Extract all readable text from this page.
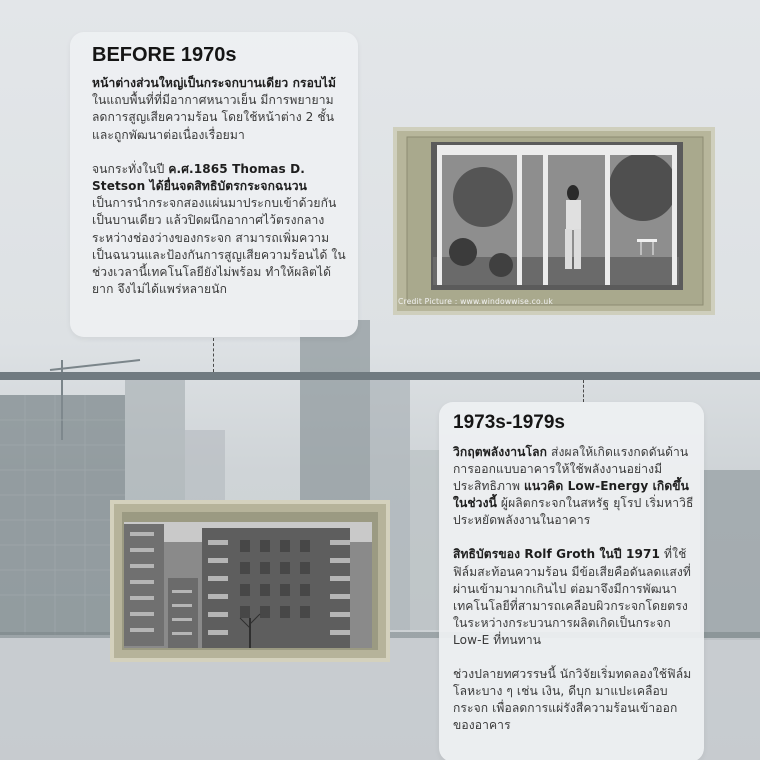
BEFORE 1970s

หน้าต่างส่วนใหญ่เป็นกระจกบานเดียว กรอบไม้ ในแถบพื้นที่ที่มีอากาศหนาวเย็น มีการพยายามลดการสูญเสียความร้อน โดยใช้หน้าต่าง 2 ชั้นและถูกพัฒนาต่อเนื่องเรื่อยมา

จนกระทั่งในปี ค.ศ.1865 Thomas D. Stetson ได้ยื่นจดสิทธิบัตรกระจกฉนวน เป็นการนำกระจกสองแผ่นมาประกบเข้าด้วยกันเป็นบานเดียว แล้วปิดผนึกอากาศไว้ตรงกลางระหว่างช่องว่างของกระจก สามารถเพิ่มความเป็นฉนวนและป้องกันการสูญเสียความร้อนได้ ในช่วงเวลานี้เทคโนโลยียังไม่พร้อม ทำให้ผลิตได้ยาก จึงไม่ได้แพร่หลายนัก

Credit Picture : www.windowwise.co.uk
1973s-1979s

วิกฤตพลังงานโลก ส่งผลให้เกิดแรงกดดันด้านการออกแบบอาคารให้ใช้พลังงานอย่างมีประสิทธิภาพ แนวคิด Low-Energy เกิดขึ้นในช่วงนี้ ผู้ผลิตกระจกในสหรัฐ ยุโรป เริ่มหาวิธีประหยัดพลังงานในอาคาร

สิทธิบัตรของ Rolf Groth ในปี 1971 ที่ใช้ฟิล์มสะท้อนความร้อน มีข้อเสียคือดันลดแสงที่ผ่านเข้ามามากเกินไป ต่อมาจึงมีการพัฒนาเทคโนโลยีที่สามารถเคลือบผิวกระจกโดยตรง ในระหว่างกระบวนการผลิตเกิดเป็นกระจก Low-E ที่ทนทาน

ช่วงปลายทศวรรษนี้ นักวิจัยเริ่มทดลองใช้ฟิล์มโลหะบาง ๆ เช่น เงิน, ดีบุก มาแปะเคลือบกระจก เพื่อลดการแผ่รังสีความร้อนเข้าออกของอาคาร
